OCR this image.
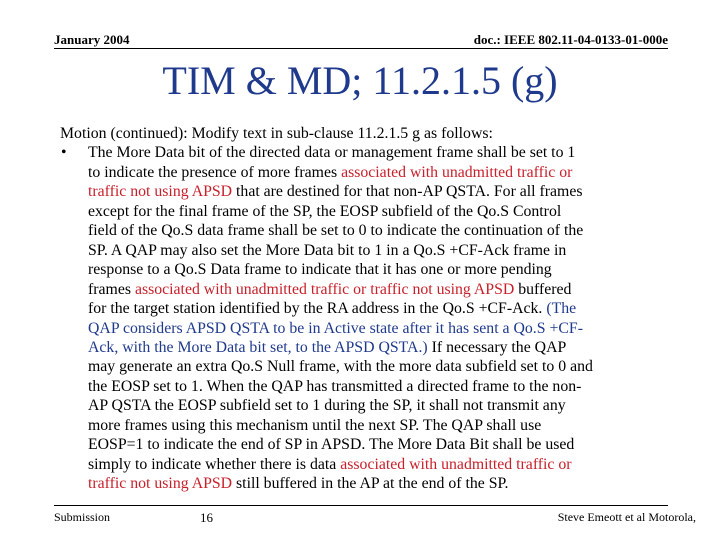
January 2004	doc.: IEEE 802.11-04-0133-01-000e
TIM & MD; 11.2.1.5 (g)

Motion (continued): Modify text in sub-clause 11.2.1.5 g as follows:

• The More Data bit of the directed data or management frame shall be set to 1
to indicate the presence of more frames associated with unadmitted traffic or
traffic not using APSD that are destined for that non-AP QSTA. For all frames
except for the final frame of the SP, the EOSP subfield of the Qo.S Control
field of the Qo.S data frame shall be set to 0 to indicate the continuation of the
SP. A QAP may also set the More Data bit to 1 in a Qo.S +CF-Ack frame in
response to a Qo.S Data frame to indicate that it has one or more pending
frames associated with unadmitted traffic or traffic not using APSD buffered
for the target station identified by the RA address in the Qo.S +CF-Ack. (The
QAP considers APSD QSTA to be in Active state after it has sent a Qo.S +CF-
Ack, with the More Data bit set, to the APSD QSTA.) If necessary the QAP
may generate an extra Qo.S Null frame, with the more data subfield set to 0 and
the EOSP set to 1. When the QAP has transmitted a directed frame to the non-
AP QSTA the EOSP subfield set to 1 during the SP, it shall not transmit any
more frames using this mechanism until the next SP. The QAP shall use
EOSP=1 to indicate the end of SP in APSD. The More Data Bit shall be used
simply to indicate whether there is data associated with unadmitted traffic or
traffic not using APSD still buffered in the AP at the end of the SP.
Submission	16	Steve Emeott et al Motorola,
